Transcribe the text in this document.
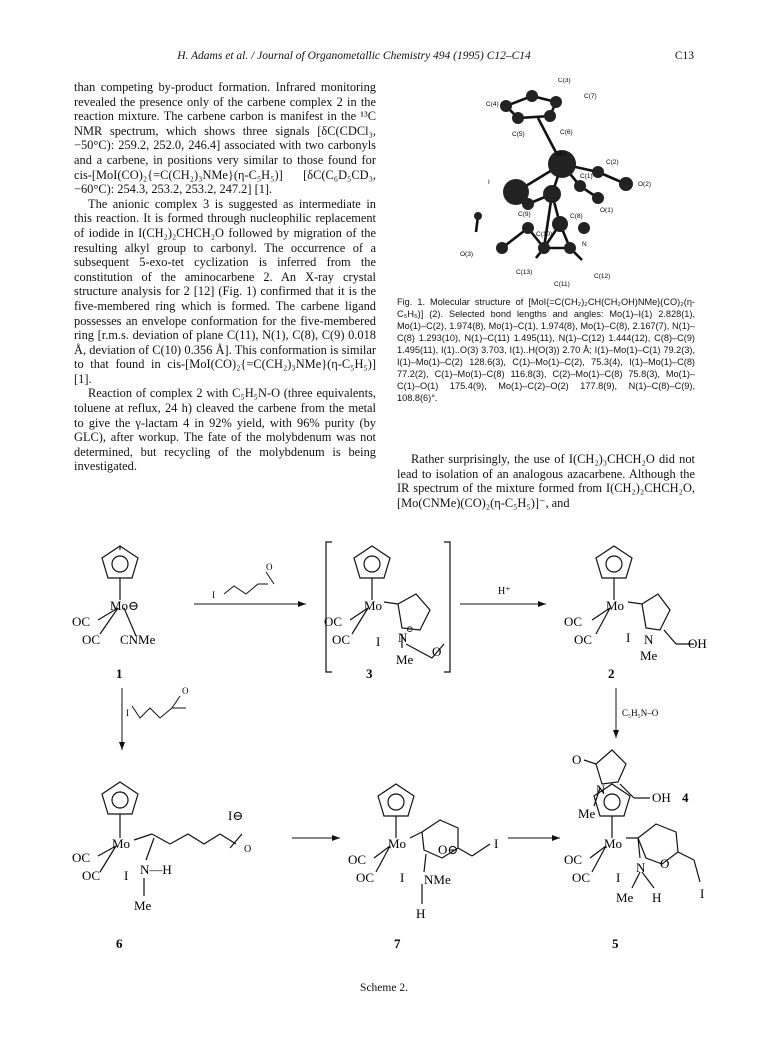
H. Adams et al. / Journal of Organometallic Chemistry 494 (1995) C12–C14	C13

than competing by-product formation. Infrared monitoring revealed the presence only of the carbene complex 2 in the reaction mixture. The carbene carbon is manifest in the ¹³C NMR spectrum, which shows three signals [δC(CDCl₃, −50°C): 259.2, 252.0, 246.4] associated with two carbonyls and a carbene, in positions very similar to those found for cis-[MoI(CO)₂{=C(CH₂)₃NMe}(η-C₅H₅)] [δC(C₆D₅CD₃, −60°C): 254.3, 253.2, 253.2, 247.2] [1].

The anionic complex 3 is suggested as intermediate in this reaction. It is formed through nucleophilic replacement of iodide in I(CH₂)₂CHCH₂O followed by migration of the resulting alkyl group to carbonyl. The occurrence of a subsequent 5-exo-tet cyclization is inferred from the constitution of the aminocarbene 2. An X-ray crystal structure analysis for 2 [12] (Fig. 1) confirmed that it is the five-membered ring which is formed. The carbene ligand possesses an envelope conformation for the five-membered ring [r.m.s. deviation of plane C(11), N(1), C(8), C(9) 0.018 Å, deviation of C(10) 0.356 Å]. This conformation is similar to that found in cis-[MoI(CO)₂{=C(CH₂)₃NMe}(η-C₅H₅)] [1].

Reaction of complex 2 with C₅H₅N-O (three equivalents, toluene at reflux, 24 h) cleaved the carbene from the metal to give the γ-lactam 4 in 92% yield, with 96% purity (by GLC), after workup. The fate of the molybdenum was not determined, but recycling of the molybdenum is being investigated.

C(3)
C(4)
C(7)
C(5)	C(6)
Mo
C(2)
I	O(2)
C(1)
C(9)
O(1)
C(8)
C(10)
N
O(3)
C(13)
C(12)
C(11)
Fig. 1. Molecular structure of [MoI{=C(CH₂)₂CH(CH₂OH)NMe}(CO)₂(η-C₅H₅)] (2). Selected bond lengths and angles: Mo(1)–I(1) 2.828(1), Mo(1)–C(2), 1.974(8), Mo(1)–C(1), 1.974(8), Mo(1)–C(8), 2.167(7), N(1)–C(8) 1.293(10), N(1)–C(11) 1.495(11), N(1)–C(12) 1.444(12), C(8)–C(9) 1.495(11), I(1)..O(3) 3.703, I(1)..H(O(3)) 2.70 Å; I(1)–Mo(1)–C(1) 79.2(3), I(1)–Mo(1)–C(2) 128.6(3), C(1)–Mo(1)–C(2), 75.3(4), I(1)–Mo(1)–C(8) 77.2(2), C(1)–Mo(1)–C(8) 116.8(3), C(2)–Mo(1)–C(8) 75.8(3), Mo(1)–C(1)–O(1) 175.4(9), Mo(1)–C(2)–O(2) 177.8(9), N(1)–C(8)–C(9), 108.8(6)°.

Rather surprisingly, the use of I(CH₂)₃CHCH₂O did not lead to isolation of an analogous azacarbene. Although the IR spectrum of the mixture formed from I(CH₂)₂CHCH₂O, [Mo(CNMe)(CO)₂(η-C₅H₅)]⁻, and

Mo⊖
OC
OC CNMe
1
I
O
Mo
OC
OC I N
⊖
O
Me
3
H⁺
Mo
OC
OC	I N
Me
OH
2
I
O
C₅H₅N–O
O
N
Me
OH 4
Mo
OC
OC I N—H
Me
I⊖
O
6
Mo
OC
OC I
O⊖	I
NMe
H
7
Mo
OC
OC I
N O
Me H	I
5
Scheme 2.
